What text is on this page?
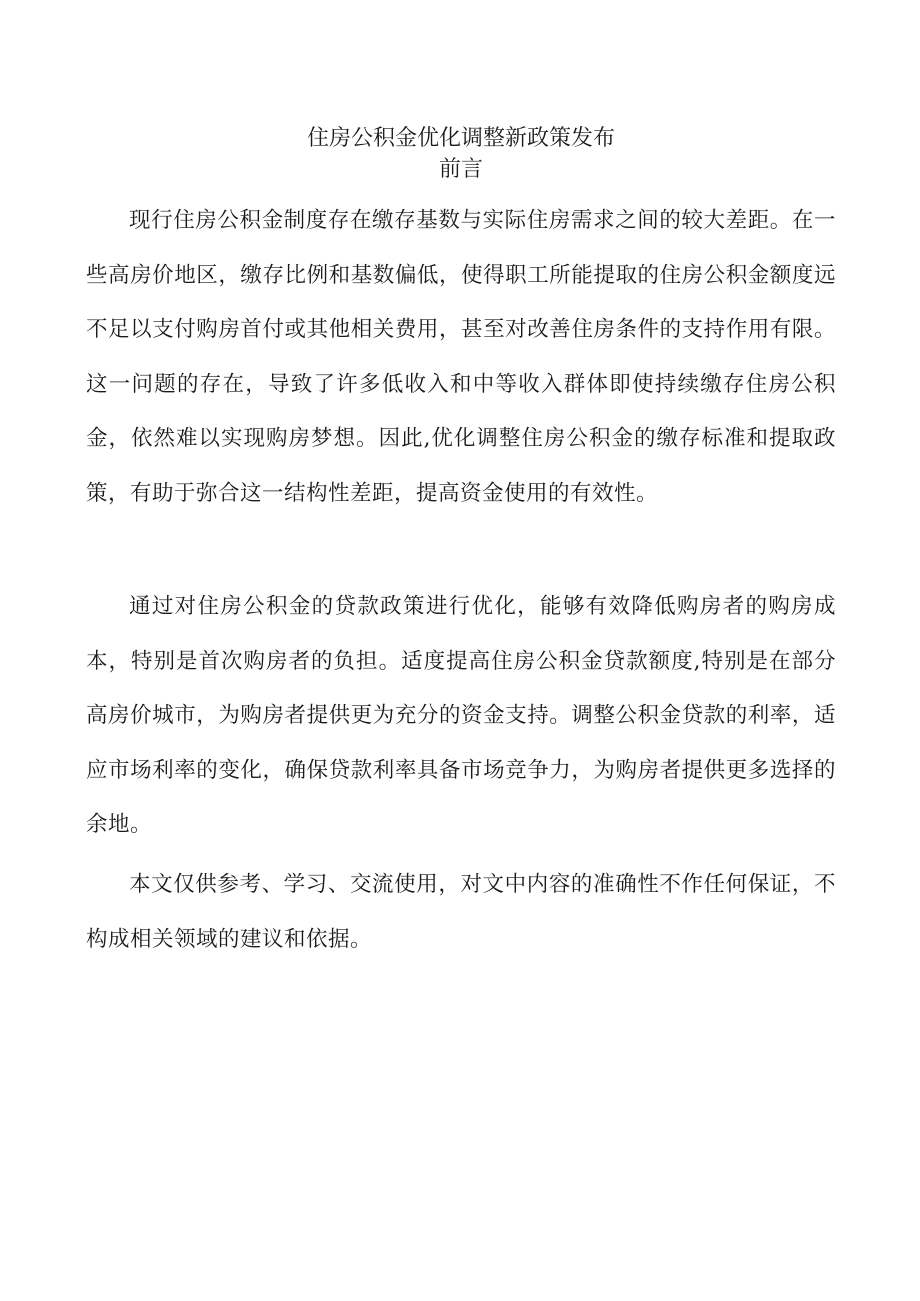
住房公积金优化调整新政策发布
前言

现行住房公积金制度存在缴存基数与实际住房需求之间的较大差距。在一些高房价地区，缴存比例和基数偏低，使得职工所能提取的住房公积金额度远不足以支付购房首付或其他相关费用，甚至对改善住房条件的支持作用有限。这一问题的存在，导致了许多低收入和中等收入群体即使持续缴存住房公积金，依然难以实现购房梦想。因此,优化调整住房公积金的缴存标准和提取政策，有助于弥合这一结构性差距，提高资金使用的有效性。

通过对住房公积金的贷款政策进行优化，能够有效降低购房者的购房成本，特别是首次购房者的负担。适度提高住房公积金贷款额度,特别是在部分高房价城市，为购房者提供更为充分的资金支持。调整公积金贷款的利率，适应市场利率的变化，确保贷款利率具备市场竞争力，为购房者提供更多选择的余地。

本文仅供参考、学习、交流使用，对文中内容的准确性不作任何保证，不构成相关领域的建议和依据。
